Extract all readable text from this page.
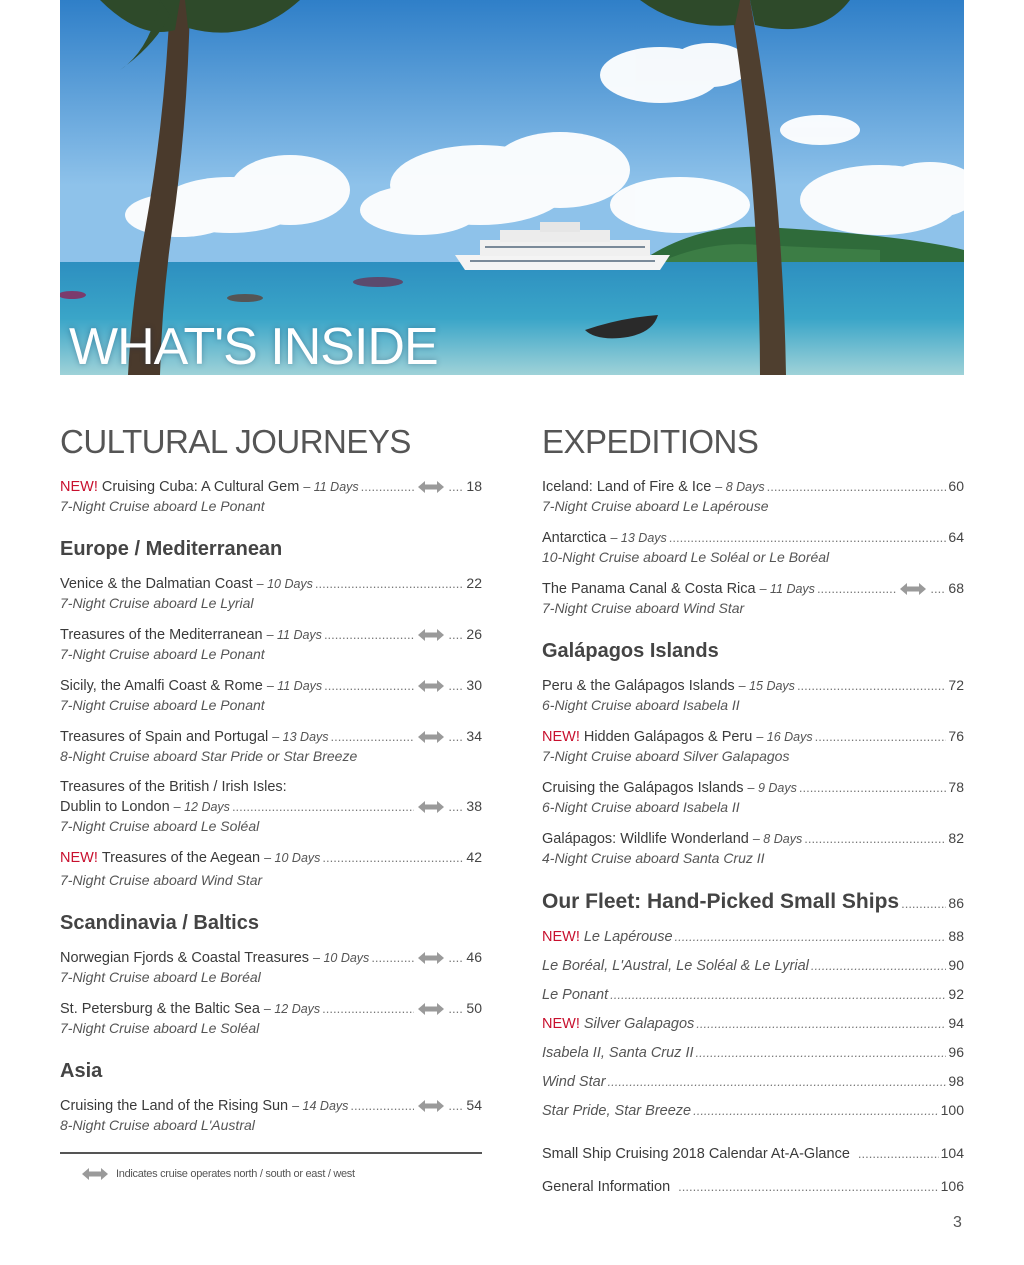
WHAT'S INSIDE
CULTURAL JOURNEYS
NEW! Cruising Cuba: A Cultural Gem – 11 Days ..... .....	18
7-Night Cruise aboard Le Ponant
Europe / Mediterranean
Venice & the Dalmatian Coast – 10 Days .....	22
7-Night Cruise aboard Le Lyrial
Treasures of the Mediterranean – 11 Days ..... .....	26
7-Night Cruise aboard Le Ponant
Sicily, the Amalfi Coast & Rome – 11 Days ..... .....	30
7-Night Cruise aboard Le Ponant
Treasures of Spain and Portugal – 13 Days ..... .....	34
8-Night Cruise aboard Star Pride or Star Breeze
Treasures of the British / Irish Isles:
Dublin to London – 12 Days ..... .....	38
7-Night Cruise aboard Le Soléal
NEW! Treasures of the Aegean – 10 Days .....	42
7-Night Cruise aboard Wind Star
Scandinavia / Baltics
Norwegian Fjords & Coastal Treasures – 10 Days ..... .....	46
7-Night Cruise aboard Le Boréal
St. Petersburg & the Baltic Sea – 12 Days ..... .....	50
7-Night Cruise aboard Le Soléal
Asia
Cruising the Land of the Rising Sun – 14 Days ..... .....	54
8-Night Cruise aboard L'Austral
Indicates cruise operates north / south or east / west
EXPEDITIONS
Iceland: Land of Fire & Ice – 8 Days .....	60
7-Night Cruise aboard Le Lapérouse
Antarctica – 13 Days .....	64
10-Night Cruise aboard Le Soléal or Le Boréal
The Panama Canal & Costa Rica – 11 Days ..... .....	68
7-Night Cruise aboard Wind Star
Galápagos Islands
Peru & the Galápagos Islands – 15 Days .....	72
6-Night Cruise aboard Isabela II
NEW! Hidden Galápagos & Peru – 16 Days .....	76
7-Night Cruise aboard Silver Galapagos
Cruising the Galápagos Islands – 9 Days .....	78
6-Night Cruise aboard Isabela II
Galápagos: Wildlife Wonderland – 8 Days .....	82
4-Night Cruise aboard Santa Cruz II
Our Fleet: Hand-Picked Small Ships .....	86
NEW! Le Lapérouse .....	88
Le Boréal, L'Austral, Le Soléal & Le Lyrial .....	90
Le Ponant .....	92
NEW! Silver Galapagos .....	94
Isabela II, Santa Cruz II .....	96
Wind Star .....	98
Star Pride, Star Breeze .....	100
Small Ship Cruising 2018 Calendar At-A-Glance .....	104
General Information .....	106
3
